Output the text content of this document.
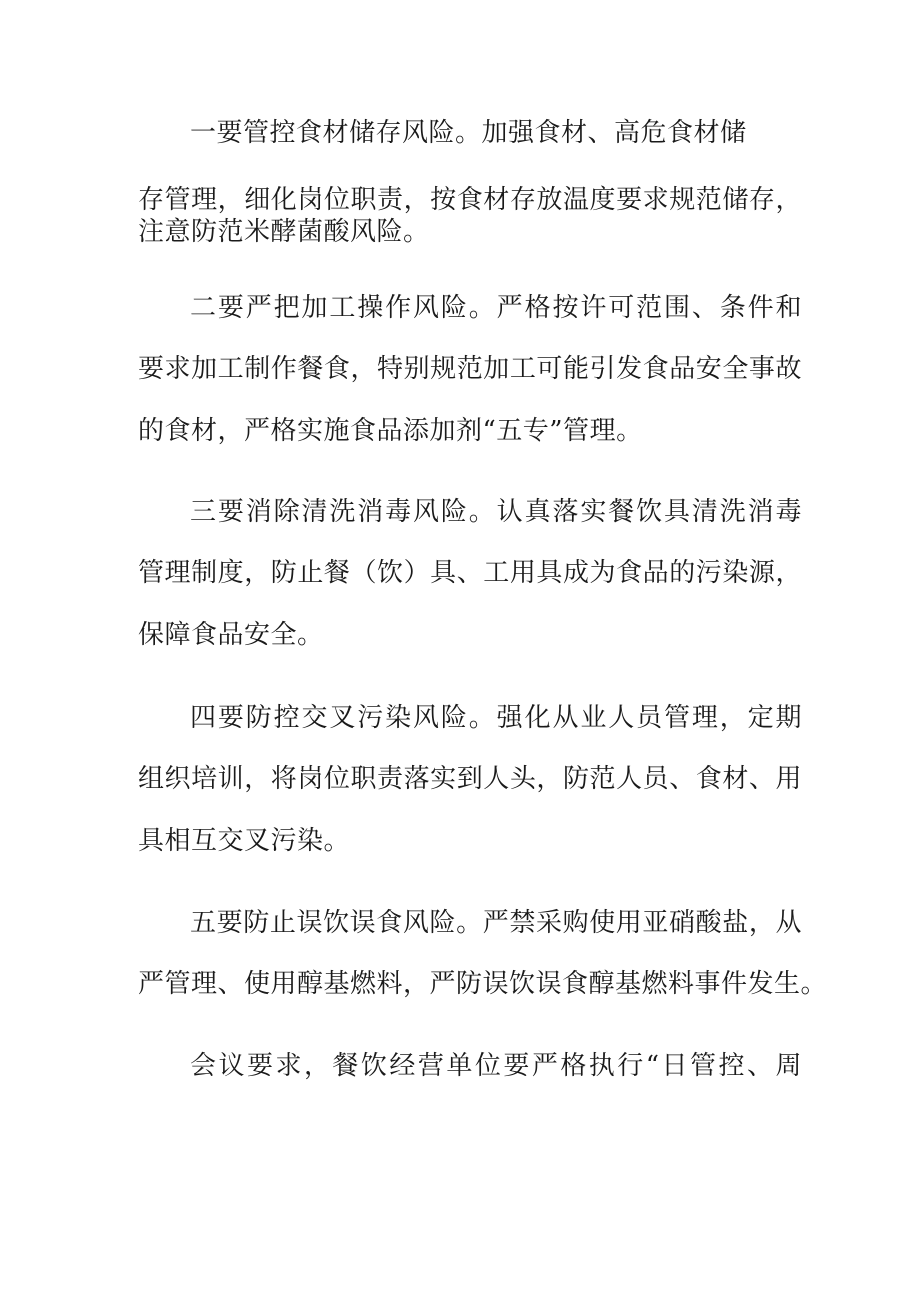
一要管控食材储存风险。加强食材、高危食材储
存管理，细化岗位职责，按食材存放温度要求规范储存，
注意防范米酵菌酸风险。
二要严把加工操作风险。严格按许可范围、条件和
要求加工制作餐食，特别规范加工可能引发食品安全事故
的食材，严格实施食品添加剂“五专”管理。
三要消除清洗消毒风险。认真落实餐饮具清洗消毒
管理制度，防止餐（饮）具、工用具成为食品的污染源，
保障食品安全。
四要防控交叉污染风险。强化从业人员管理，定期
组织培训，将岗位职责落实到人头，防范人员、食材、用
具相互交叉污染。
五要防止误饮误食风险。严禁采购使用亚硝酸盐，从
严管理、使用醇基燃料，严防误饮误食醇基燃料事件发生。
会议要求，餐饮经营单位要严格执行“日管控、周
